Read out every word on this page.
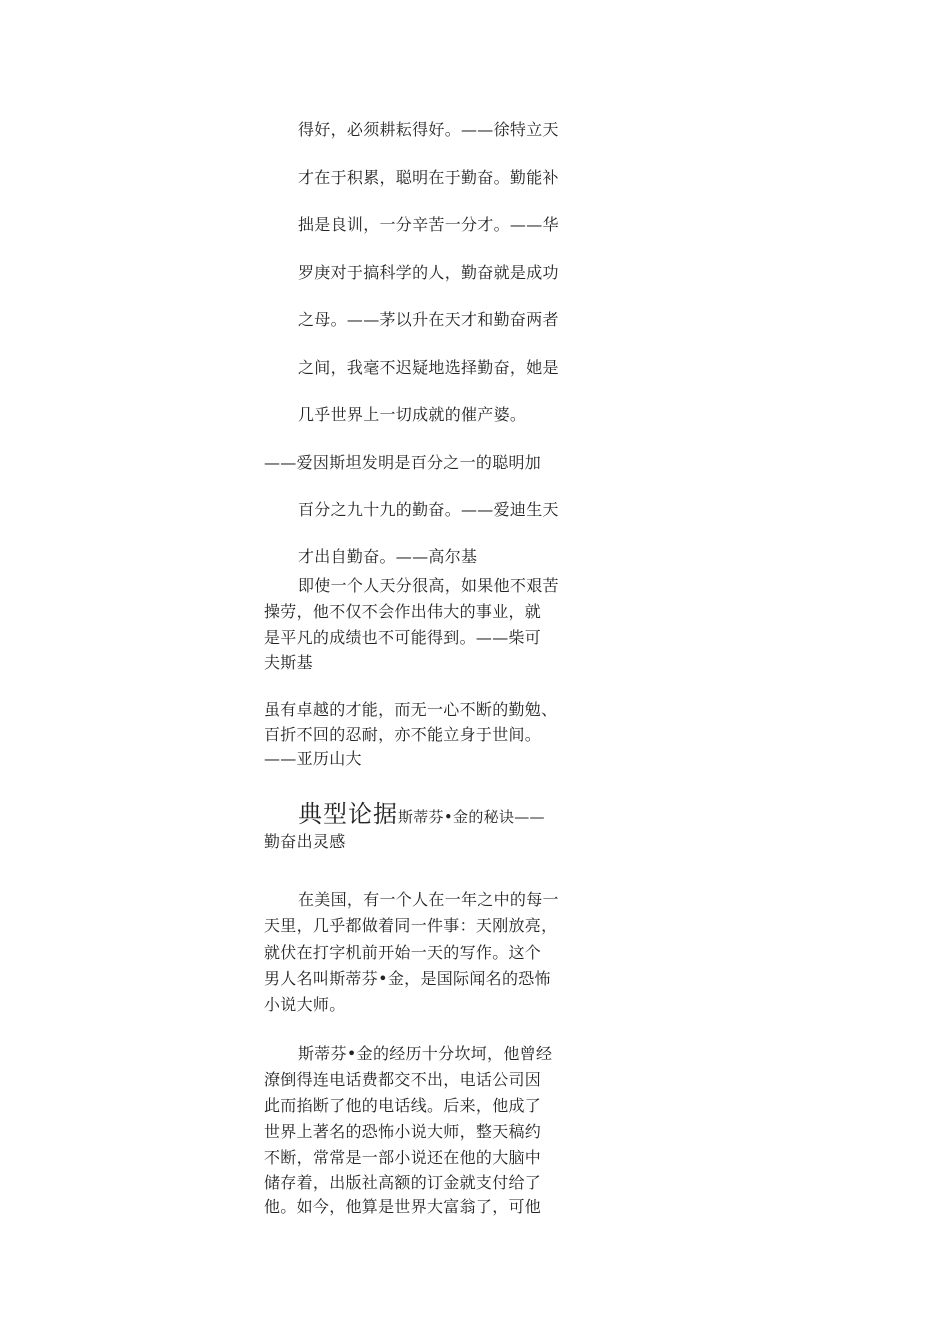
得好，必须耕耘得好。——徐特立天
才在于积累，聪明在于勤奋。勤能补
拙是良训，一分辛苦一分才。——华
罗庚对于搞科学的人，勤奋就是成功
之母。——茅以升在天才和勤奋两者
之间，我毫不迟疑地选择勤奋，她是
几乎世界上一切成就的催产婆。
——爱因斯坦发明是百分之一的聪明加
百分之九十九的勤奋。——爱迪生天
才出自勤奋。——高尔基
即使一个人天分很高，如果他不艰苦
操劳，他不仅不会作出伟大的事业，就
是平凡的成绩也不可能得到。——柴可
夫斯基
虽有卓越的才能，而无一心不断的勤勉、
百折不回的忍耐，亦不能立身于世间。
——亚历山大
典型论据斯蒂芬•金的秘诀——
勤奋出灵感
在美国，有一个人在一年之中的每一
天里，几乎都做着同一件事：天刚放亮，
就伏在打字机前开始一天的写作。这个
男人名叫斯蒂芬•金，是国际闻名的恐怖
小说大师。
斯蒂芬•金的经历十分坎坷，他曾经
潦倒得连电话费都交不出，电话公司因
此而掐断了他的电话线。后来，他成了
世界上著名的恐怖小说大师，整天稿约
不断，常常是一部小说还在他的大脑中
储存着，出版社高额的订金就支付给了
他。如今，他算是世界大富翁了，可他
